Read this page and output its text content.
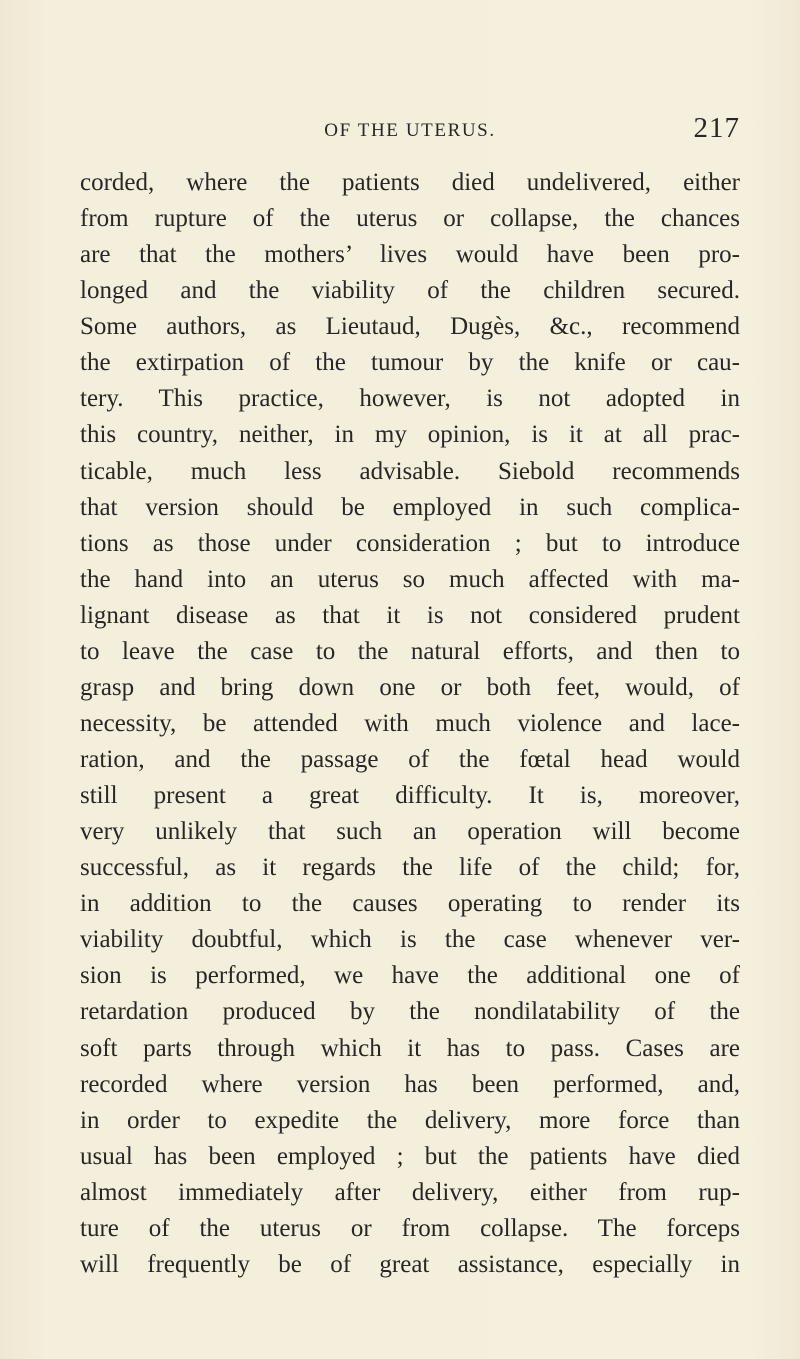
OF THE UTERUS.	217
corded, where the patients died undelivered, either
from rupture of the uterus or collapse, the chances
are that the mothers’ lives would have been pro-
longed and the viability of the children secured.
Some authors, as Lieutaud, Dugès, &c., recommend
the extirpation of the tumour by the knife or cau-
tery. This practice, however, is not adopted in
this country, neither, in my opinion, is it at all prac-
ticable, much less advisable. Siebold recommends
that version should be employed in such complica-
tions as those under consideration ; but to introduce
the hand into an uterus so much affected with ma-
lignant disease as that it is not considered prudent
to leave the case to the natural efforts, and then to
grasp and bring down one or both feet, would, of
necessity, be attended with much violence and lace-
ration, and the passage of the fœtal head would
still present a great difficulty. It is, moreover,
very unlikely that such an operation will become
successful, as it regards the life of the child; for,
in addition to the causes operating to render its
viability doubtful, which is the case whenever ver-
sion is performed, we have the additional one of
retardation produced by the nondilatability of the
soft parts through which it has to pass. Cases are
recorded where version has been performed, and,
in order to expedite the delivery, more force than
usual has been employed ; but the patients have died
almost immediately after delivery, either from rup-
ture of the uterus or from collapse. The forceps
will frequently be of great assistance, especially in
